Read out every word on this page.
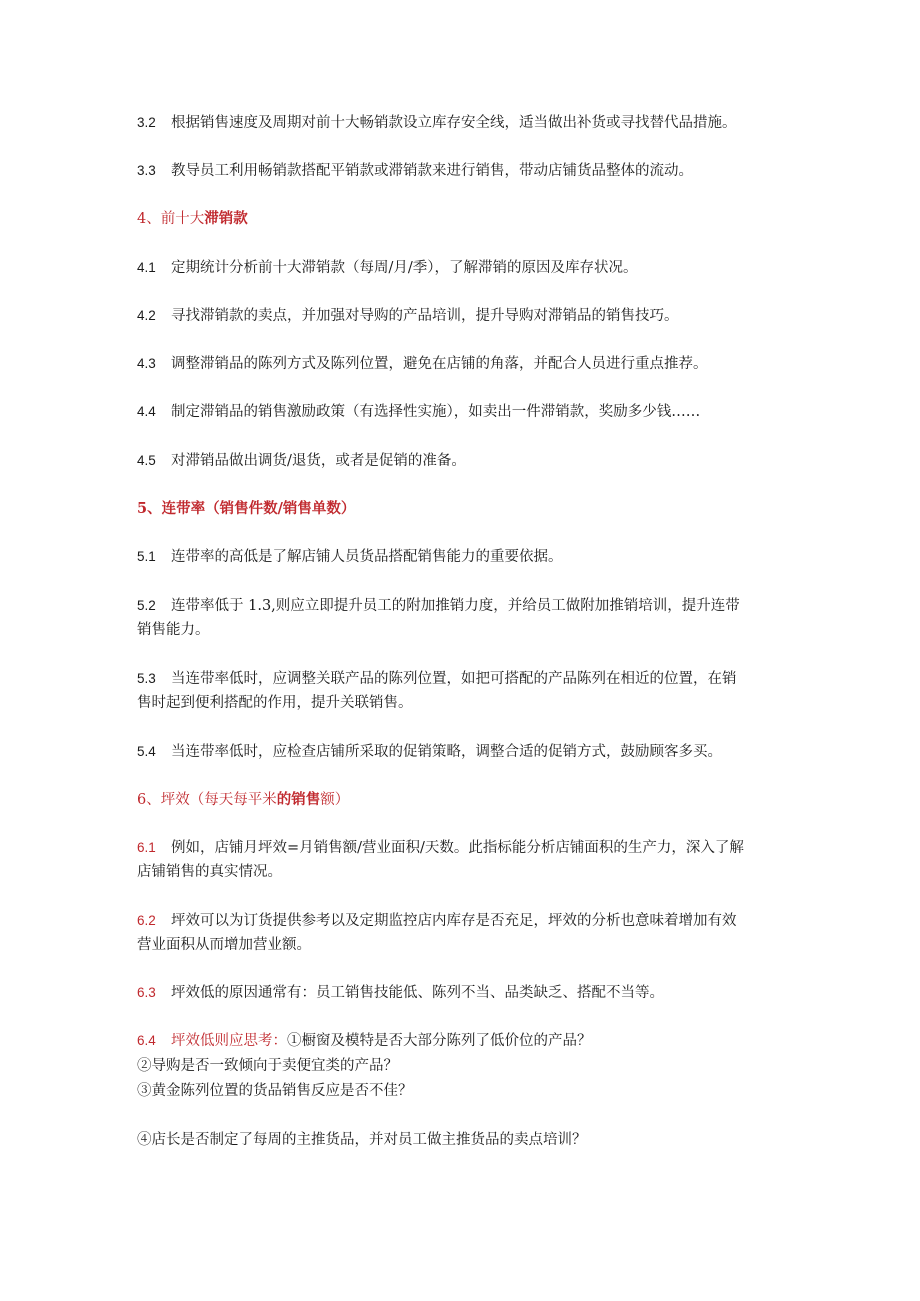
3.2 根据销售速度及周期对前十大畅销款设立库存安全线，适当做出补货或寻找替代品措施。
3.3 教导员工利用畅销款搭配平销款或滞销款来进行销售，带动店铺货品整体的流动。
4、前十大滞销款
4.1 定期统计分析前十大滞销款（每周/月/季），了解滞销的原因及库存状况。
4.2 寻找滞销款的卖点，并加强对导购的产品培训，提升导购对滞销品的销售技巧。
4.3 调整滞销品的陈列方式及陈列位置，避免在店铺的角落，并配合人员进行重点推荐。
4.4 制定滞销品的销售激励政策（有选择性实施），如卖出一件滞销款，奖励多少钱……
4.5 对滞销品做出调货/退货，或者是促销的准备。
5、连带率（销售件数/销售单数）
5.1 连带率的高低是了解店铺人员货品搭配销售能力的重要依据。
5.2 连带率低于 1.3,则应立即提升员工的附加推销力度，并给员工做附加推销培训，提升连带
销售能力。
5.3 当连带率低时，应调整关联产品的陈列位置，如把可搭配的产品陈列在相近的位置，在销
售时起到便利搭配的作用，提升关联销售。
5.4 当连带率低时，应检查店铺所采取的促销策略，调整合适的促销方式，鼓励顾客多买。
6、坪效（每天每平米的销售额）
6.1 例如，店铺月坪效=月销售额/营业面积/天数。此指标能分析店铺面积的生产力，深入了解
店铺销售的真实情况。
6.2 坪效可以为订货提供参考以及定期监控店内库存是否充足，坪效的分析也意味着增加有效
营业面积从而增加营业额。
6.3 坪效低的原因通常有：员工销售技能低、陈列不当、品类缺乏、搭配不当等。
6.4 坪效低则应思考：①橱窗及模特是否大部分陈列了低价位的产品？
②导购是否一致倾向于卖便宜类的产品？
③黄金陈列位置的货品销售反应是否不佳？
④店长是否制定了每周的主推货品，并对员工做主推货品的卖点培训？
